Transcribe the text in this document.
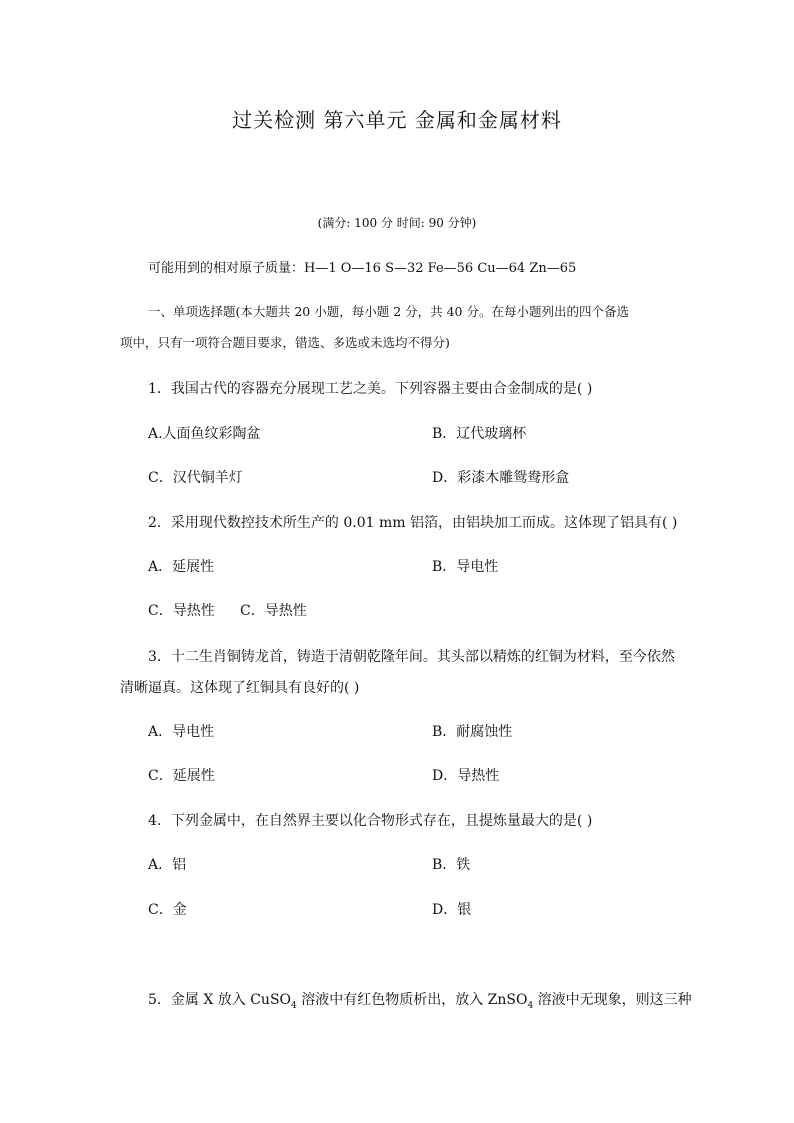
过关检测 第六单元 金属和金属材料
(满分: 100 分 时间: 90 分钟)
可能用到的相对原子质量：H—1 O—16 S—32 Fe—56 Cu—64 Zn—65
一、单项选择题(本大题共 20 小题，每小题 2 分，共 40 分。在每小题列出的四个备选
项中，只有一项符合题目要求，错选、多选或未选均不得分)
1．我国古代的容器充分展现工艺之美。下列容器主要由合金制成的是( )
A.人面鱼纹彩陶盆	B．辽代玻璃杯
C．汉代铜羊灯	D．彩漆木雕鸳鸯形盒
2．采用现代数控技术所生产的 0.01 mm 铝箔，由铝块加工而成。这体现了铝具有( )
A．延展性	B．导电性
C．导热性 C．导热性
3．十二生肖铜铸龙首，铸造于清朝乾隆年间。其头部以精炼的红铜为材料，至今依然
清晰逼真。这体现了红铜具有良好的( )
A．导电性	B．耐腐蚀性
C．延展性	D．导热性
4．下列金属中，在自然界主要以化合物形式存在，且提炼量最大的是( )
A．铝	B．铁
C．金	D．银
5．金属 X 放入 CuSO$_4$ 溶液中有红色物质析出，放入 ZnSO$_4$ 溶液中无现象，则这三种
